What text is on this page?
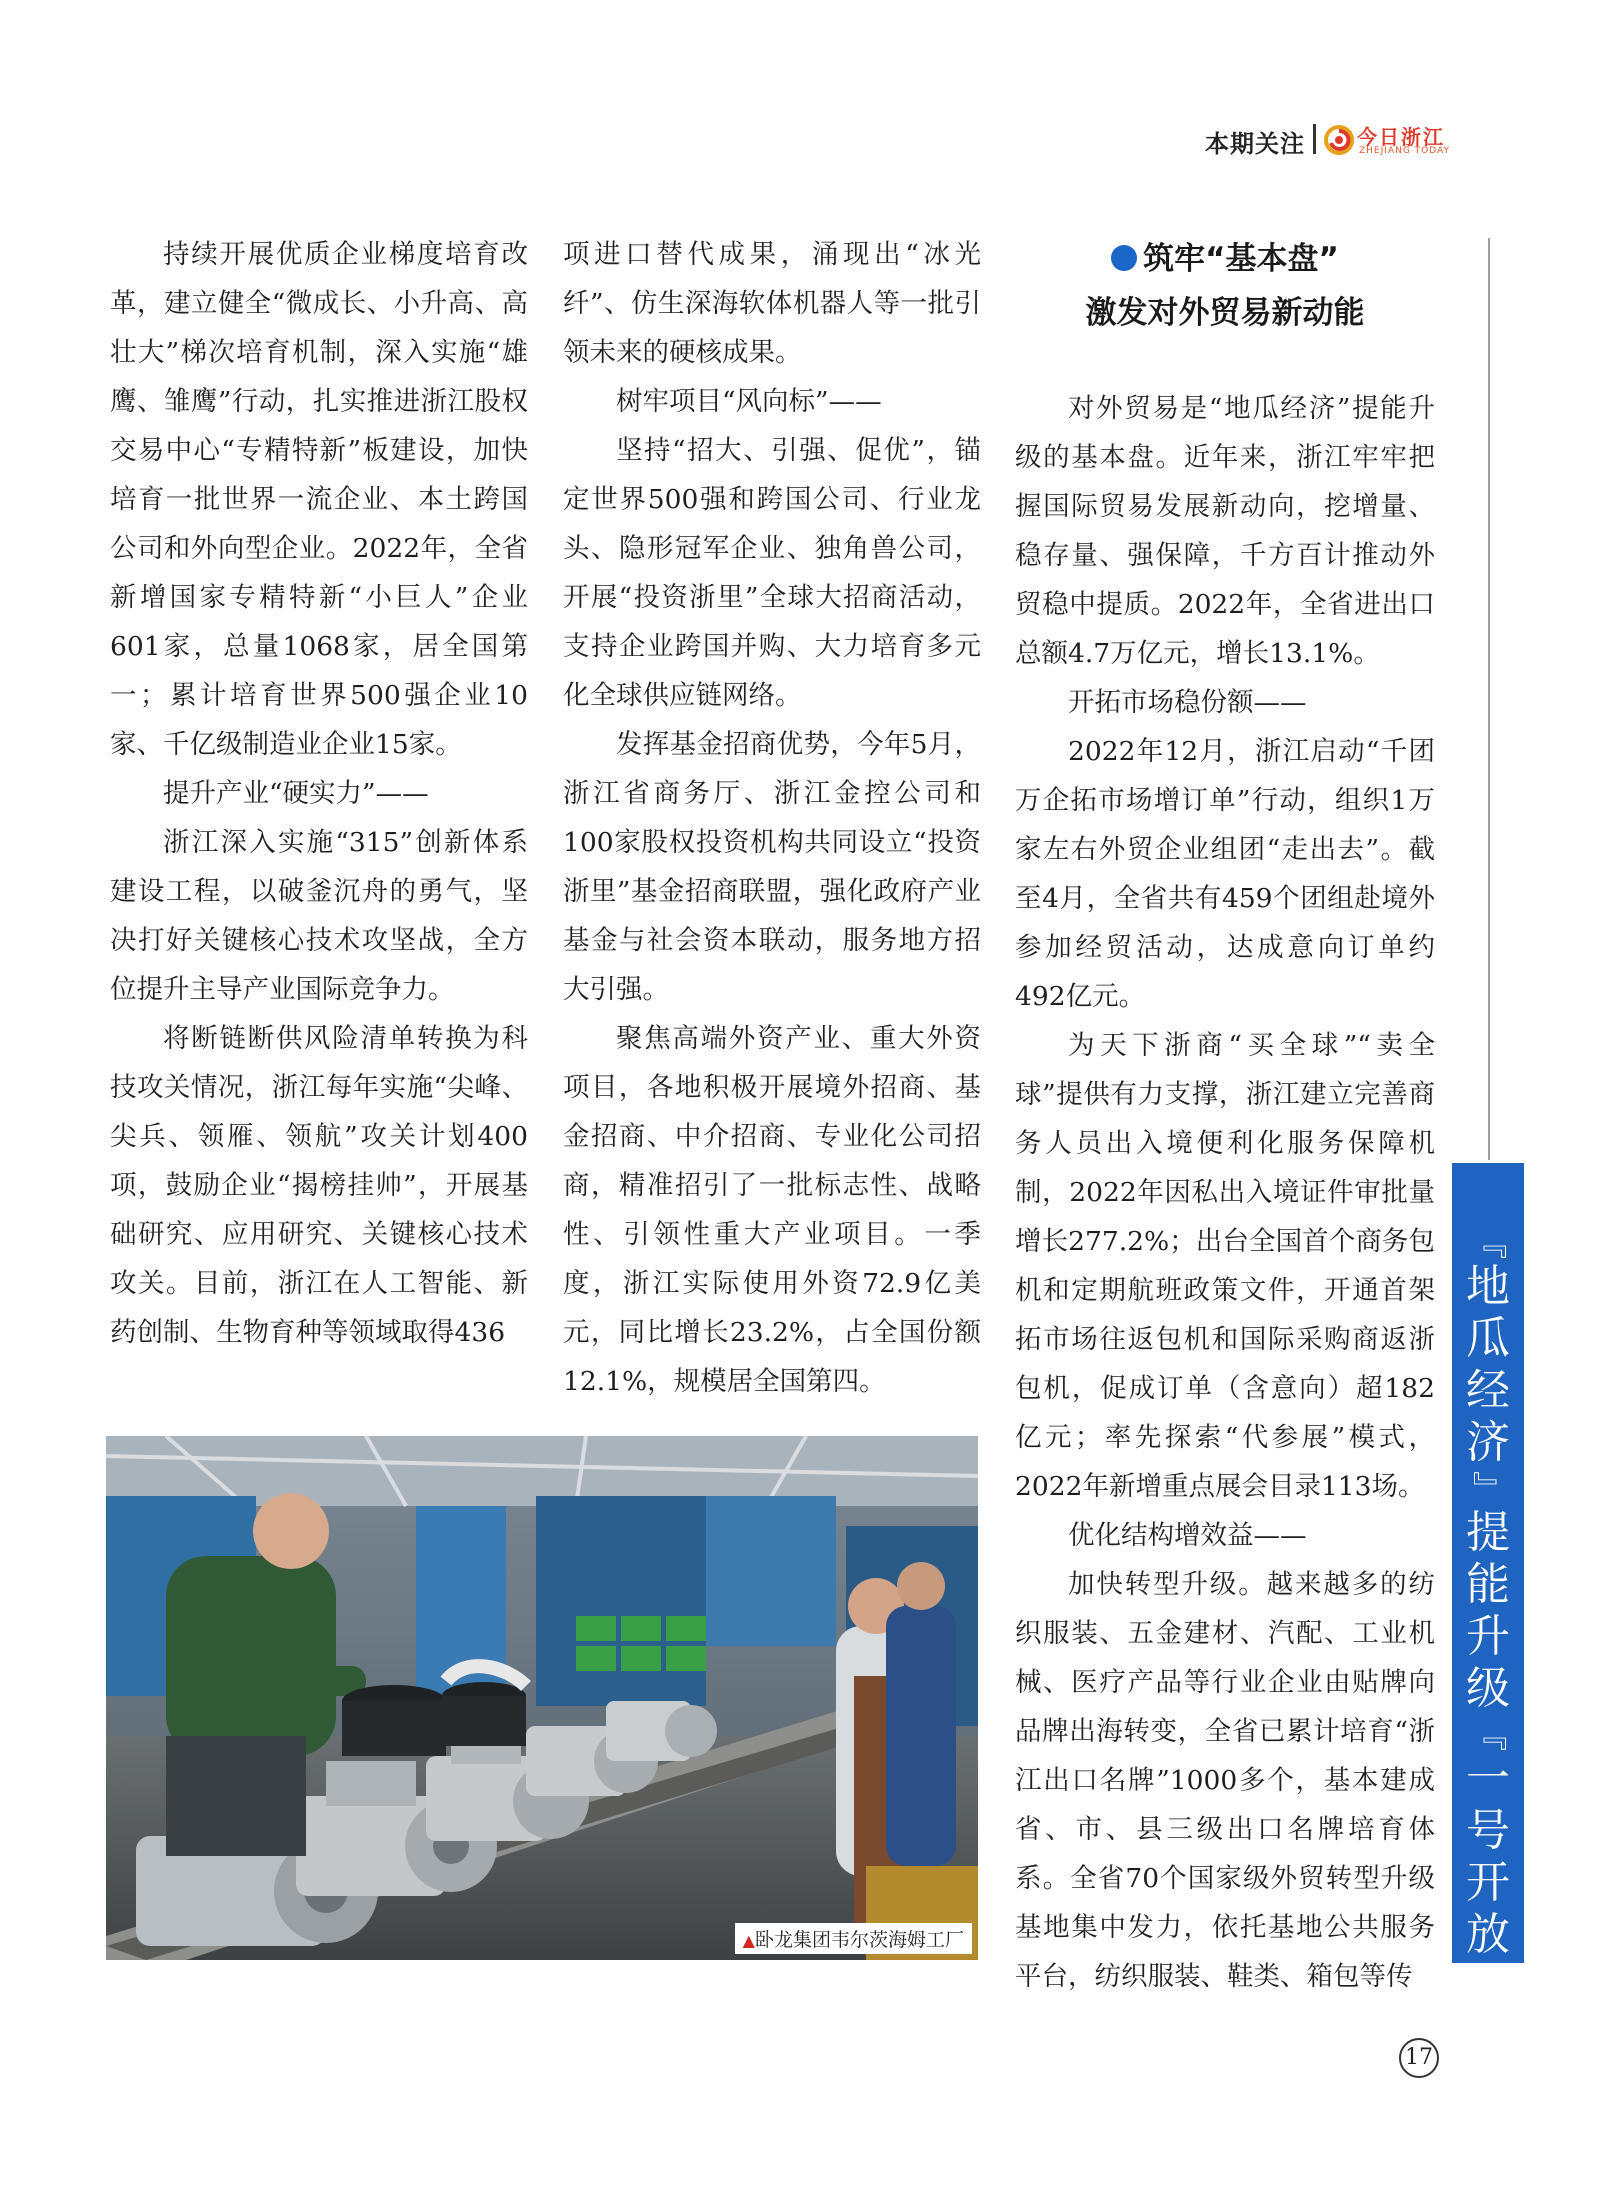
本期关注	今日浙江
ZHEJIANG TODAY

持续开展优质企业梯度培育改革，建立健全“微成长、小升高、高壮大”梯次培育机制，深入实施“雄鹰、雏鹰”行动，扎实推进浙江股权交易中心“专精特新”板建设，加快培育一批世界一流企业、本土跨国公司和外向型企业。2022年，全省新增国家专精特新“小巨人”企业601家，总量1068家，居全国第一；累计培育世界500强企业10家、千亿级制造业企业15家。

提升产业“硬实力”——

浙江深入实施“315”创新体系建设工程，以破釜沉舟的勇气，坚决打好关键核心技术攻坚战，全方位提升主导产业国际竞争力。

将断链断供风险清单转换为科技攻关情况，浙江每年实施“尖峰、尖兵、领雁、领航”攻关计划400项，鼓励企业“揭榜挂帅”，开展基础研究、应用研究、关键核心技术攻关。目前，浙江在人工智能、新药创制、生物育种等领域取得436

项进口替代成果，涌现出“冰光纤”、仿生深海软体机器人等一批引领未来的硬核成果。

树牢项目“风向标”——

坚持“招大、引强、促优”，锚定世界500强和跨国公司、行业龙头、隐形冠军企业、独角兽公司，开展“投资浙里”全球大招商活动，支持企业跨国并购、大力培育多元化全球供应链网络。

发挥基金招商优势，今年5月，浙江省商务厅、浙江金控公司和100家股权投资机构共同设立“投资浙里”基金招商联盟，强化政府产业基金与社会资本联动，服务地方招大引强。

聚焦高端外资产业、重大外资项目，各地积极开展境外招商、基金招商、中介招商、专业化公司招商，精准招引了一批标志性、战略性、引领性重大产业项目。一季度，浙江实际使用外资72.9亿美元，同比增长23.2%，占全国份额12.1%，规模居全国第四。

筑牢“基本盘”
激发对外贸易新动能

对外贸易是“地瓜经济”提能升级的基本盘。近年来，浙江牢牢把握国际贸易发展新动向，挖增量、稳存量、强保障，千方百计推动外贸稳中提质。2022年，全省进出口总额4.7万亿元，增长13.1%。

开拓市场稳份额——

2022年12月，浙江启动“千团万企拓市场增订单”行动，组织1万家左右外贸企业组团“走出去”。截至4月，全省共有459个团组赴境外参加经贸活动，达成意向订单约492亿元。

为天下浙商“买全球”“卖全球”提供有力支撑，浙江建立完善商务人员出入境便利化服务保障机制，2022年因私出入境证件审批量增长277.2%；出台全国首个商务包机和定期航班政策文件，开通首架拓市场往返包机和国际采购商返浙包机，促成订单（含意向）超182亿元；率先探索“代参展”模式，2022年新增重点展会目录113场。

优化结构增效益——

加快转型升级。越来越多的纺织服装、五金建材、汽配、工业机械、医疗产品等行业企业由贴牌向品牌出海转变，全省已累计培育“浙江出口名牌”1000多个，基本建成省、市、县三级出口名牌培育体系。全省70个国家级外贸转型升级基地集中发力，依托基地公共服务平台，纺织服装、鞋类、箱包等传

▲卧龙集团韦尔茨海姆工厂
『
地
瓜
经
济
』
提
能
升
级
『
一
号
开
放
工
程
』
17
